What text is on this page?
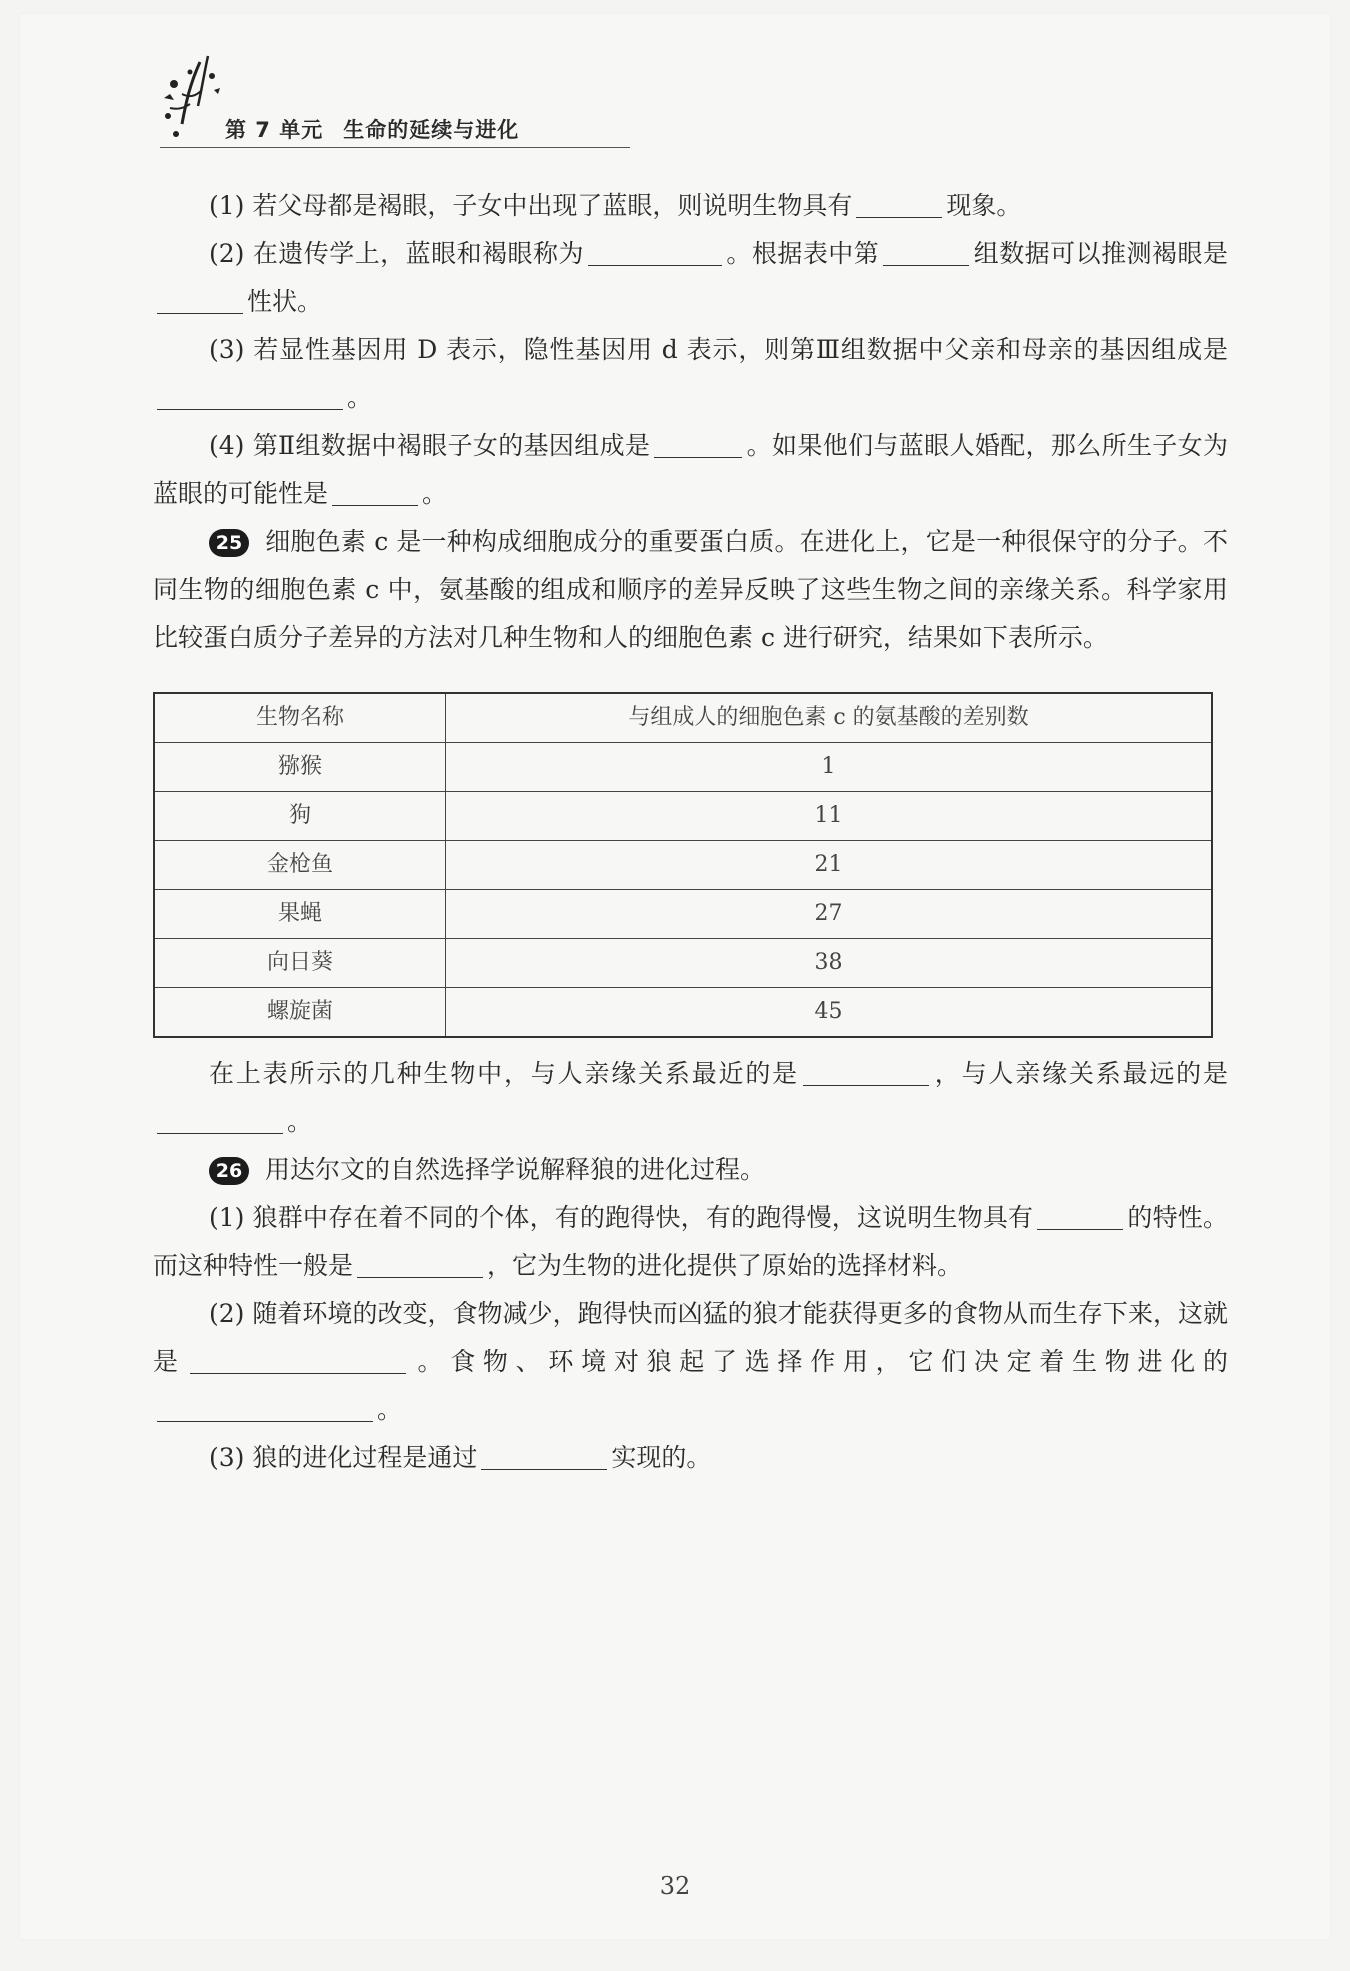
第 7 单元 生命的延续与进化

(1) 若父母都是褐眼，子女中出现了蓝眼，则说明生物具有	现象。

(2) 在遗传学上，蓝眼和褐眼称为	。根据表中第	组数据可以推测褐眼是性状。

(3) 若显性基因用 D 表示，隐性基因用 d 表示，则第Ⅲ组数据中父亲和母亲的基因组成是。

(4) 第Ⅱ组数据中褐眼子女的基因组成是	。如果他们与蓝眼人婚配，那么所生子女为蓝眼的可能性是	。

25 细胞色素 c 是一种构成细胞成分的重要蛋白质。在进化上，它是一种很保守的分子。不同生物的细胞色素 c 中，氨基酸的组成和顺序的差异反映了这些生物之间的亲缘关系。科学家用比较蛋白质分子差异的方法对几种生物和人的细胞色素 c 进行研究，结果如下表所示。

生物名称	与组成人的细胞色素 c 的氨基酸的差别数
猕猴	1
狗	11
金枪鱼	21
果蝇	27
向日葵	38
螺旋菌	45

在上表所示的几种生物中，与人亲缘关系最近的是	，与人亲缘关系最远的是。

26 用达尔文的自然选择学说解释狼的进化过程。

(1) 狼群中存在着不同的个体，有的跑得快，有的跑得慢，这说明生物具有	的特性。而这种特性一般是	，它为生物的进化提供了原始的选择材料。

(2) 随着环境的改变，食物减少，跑得快而凶猛的狼才能获得更多的食物从而生存下来，这就是	。食物、环境对狼起了选择作用，它们决定着生物进化的。

(3) 狼的进化过程是通过	实现的。

32
